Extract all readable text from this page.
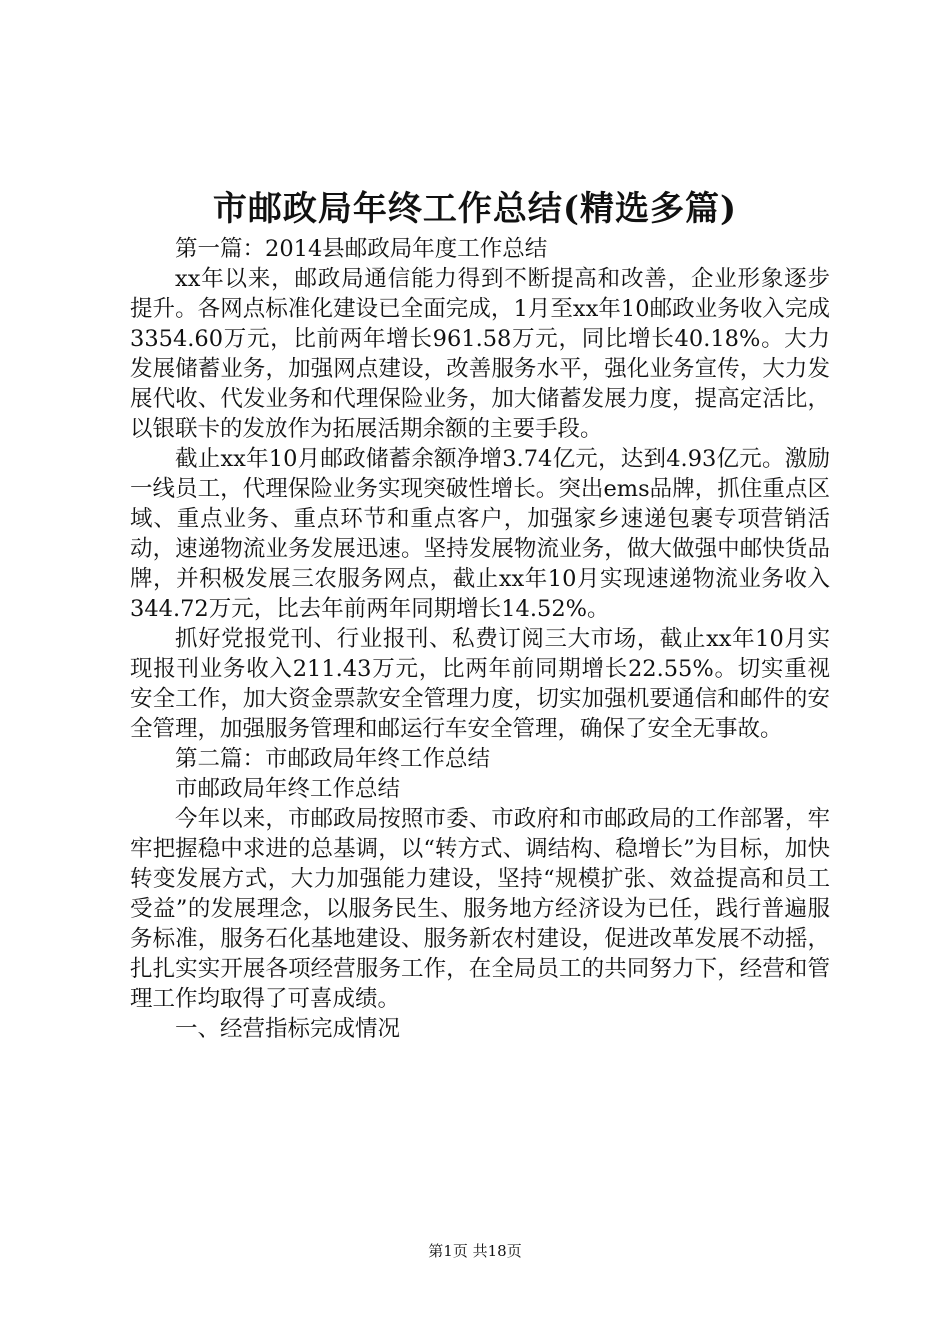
市邮政局年终工作总结(精选多篇)

第一篇：2014县邮政局年度工作总结

xx年以来，邮政局通信能力得到不断提高和改善，企业形象逐步提升。各网点标准化建设已全面完成，1月至xx年10邮政业务收入完成3354.60万元，比前两年增长961.58万元，同比增长40.18%。大力发展储蓄业务，加强网点建设，改善服务水平，强化业务宣传，大力发展代收、代发业务和代理保险业务，加大储蓄发展力度，提高定活比，以银联卡的发放作为拓展活期余额的主要手段。

截止xx年10月邮政储蓄余额净增3.74亿元，达到4.93亿元。激励一线员工，代理保险业务实现突破性增长。突出ems品牌，抓住重点区域、重点业务、重点环节和重点客户，加强家乡速递包裹专项营销活动，速递物流业务发展迅速。坚持发展物流业务，做大做强中邮快货品牌，并积极发展三农服务网点，截止xx年10月实现速递物流业务收入344.72万元，比去年前两年同期增长14.52%。

抓好党报党刊、行业报刊、私费订阅三大市场，截止xx年10月实现报刊业务收入211.43万元，比两年前同期增长22.55%。切实重视安全工作，加大资金票款安全管理力度，切实加强机要通信和邮件的安全管理，加强服务管理和邮运行车安全管理，确保了安全无事故。

第二篇：市邮政局年终工作总结

市邮政局年终工作总结

今年以来，市邮政局按照市委、市政府和市邮政局的工作部署，牢牢把握稳中求进的总基调，以“转方式、调结构、稳增长”为目标，加快转变发展方式，大力加强能力建设，坚持“规模扩张、效益提高和员工受益”的发展理念，以服务民生、服务地方经济设为已任，践行普遍服务标准，服务石化基地建设、服务新农村建设，促进改革发展不动摇，扎扎实实开展各项经营服务工作，在全局员工的共同努力下，经营和管理工作均取得了可喜成绩。

一、经营指标完成情况

第1页 共18页
